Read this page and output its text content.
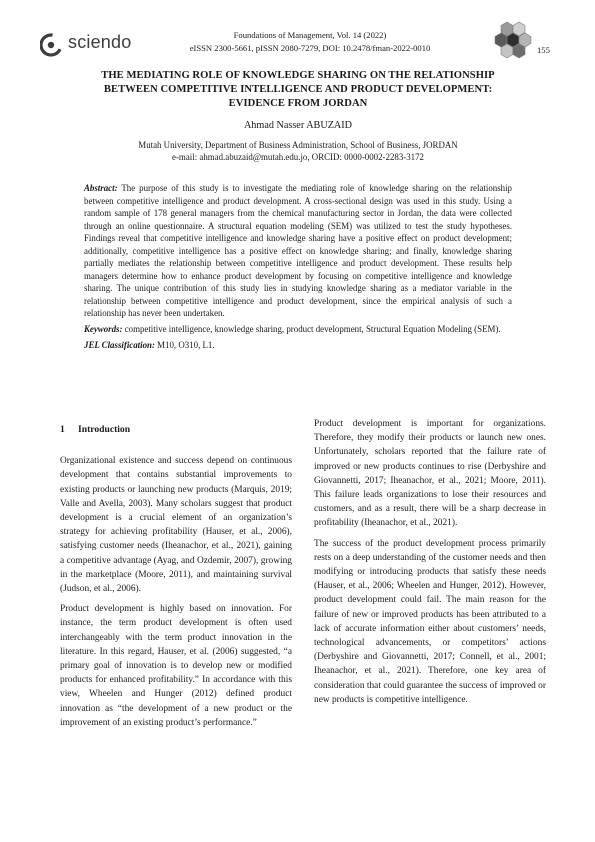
sciendo	Foundations of Management, Vol. 14 (2022)
eISSN 2300-5661, pISSN 2080-7279, DOI: 10.2478/fman-2022-0010	155
THE MEDIATING ROLE OF KNOWLEDGE SHARING ON THE RELATIONSHIP
BETWEEN COMPETITIVE INTELLIGENCE AND PRODUCT DEVELOPMENT:
EVIDENCE FROM JORDAN
Ahmad Nasser ABUZAID
Mutah University, Department of Business Administration, School of Business, JORDAN
e-mail: ahmad.abuzaid@mutah.edu.jo, ORCID: 0000-0002-2283-3172

Abstract: The purpose of this study is to investigate the mediating role of knowledge sharing on the relationship between competitive intelligence and product development. A cross-sectional design was used in this study. Using a random sample of 178 general managers from the chemical manufacturing sector in Jordan, the data were collected through an online questionnaire. A structural equation modeling (SEM) was utilized to test the study hypotheses. Findings reveal that competitive intelligence and knowledge sharing have a positive effect on product development; additionally, competitive intelligence has a positive effect on knowledge sharing; and finally, knowledge sharing partially mediates the relationship between competitive intelligence and product development. These results help managers determine how to enhance product development by focusing on competitive intelligence and knowledge sharing. The unique contribution of this study lies in studying knowledge sharing as a mediator variable in the relationship between competitive intelligence and product development, since the empirical analysis of such a relationship has never been undertaken.

Keywords: competitive intelligence, knowledge sharing, product development, Structural Equation Modeling (SEM).

JEL Classification: M10, O310, L1.

1 Introduction

Organizational existence and success depend on continuous development that contains substantial improvements to existing products or launching new products (Marquis, 2019; Valle and Avella, 2003). Many scholars suggest that product development is a crucial element of an organization’s strategy for achieving profitability (Hauser, et al., 2006), satisfying customer needs (Iheanachor, et al., 2021), gaining a competitive advantage (Ayag, and Ozdemir, 2007), growing in the marketplace (Moore, 2011), and maintaining survival (Judson, et al., 2006).

Product development is highly based on innovation. For instance, the term product development is often used interchangeably with the term product innovation in the literature. In this regard, Hauser, et al. (2006) suggested, “a primary goal of innovation is to develop new or modified products for enhanced profitability.” In accordance with this view, Wheelen and Hunger (2012) defined product innovation as “the development of a new product or the improvement of an existing product’s performance.”

Product development is important for organizations. Therefore, they modify their products or launch new ones. Unfortunately, scholars reported that the failure rate of improved or new products continues to rise (Derbyshire and Giovannetti, 2017; Iheanachor, et al., 2021; Moore, 2011). This failure leads organizations to lose their resources and customers, and as a result, there will be a sharp decrease in profitability (Iheanachor, et al., 2021).

The success of the product development process primarily rests on a deep understanding of the customer needs and then modifying or introducing products that satisfy these needs (Hauser, et al., 2006; Wheelen and Hunger, 2012). However, product development could fail. The main reason for the failure of new or improved products has been attributed to a lack of accurate information either about customers’ needs, technological advancements, or competitors’ actions (Derbyshire and Giovannetti, 2017; Connell, et al., 2001; Iheanachor, et al., 2021). Therefore, one key area of consideration that could guarantee the success of improved or new products is competitive intelligence.
